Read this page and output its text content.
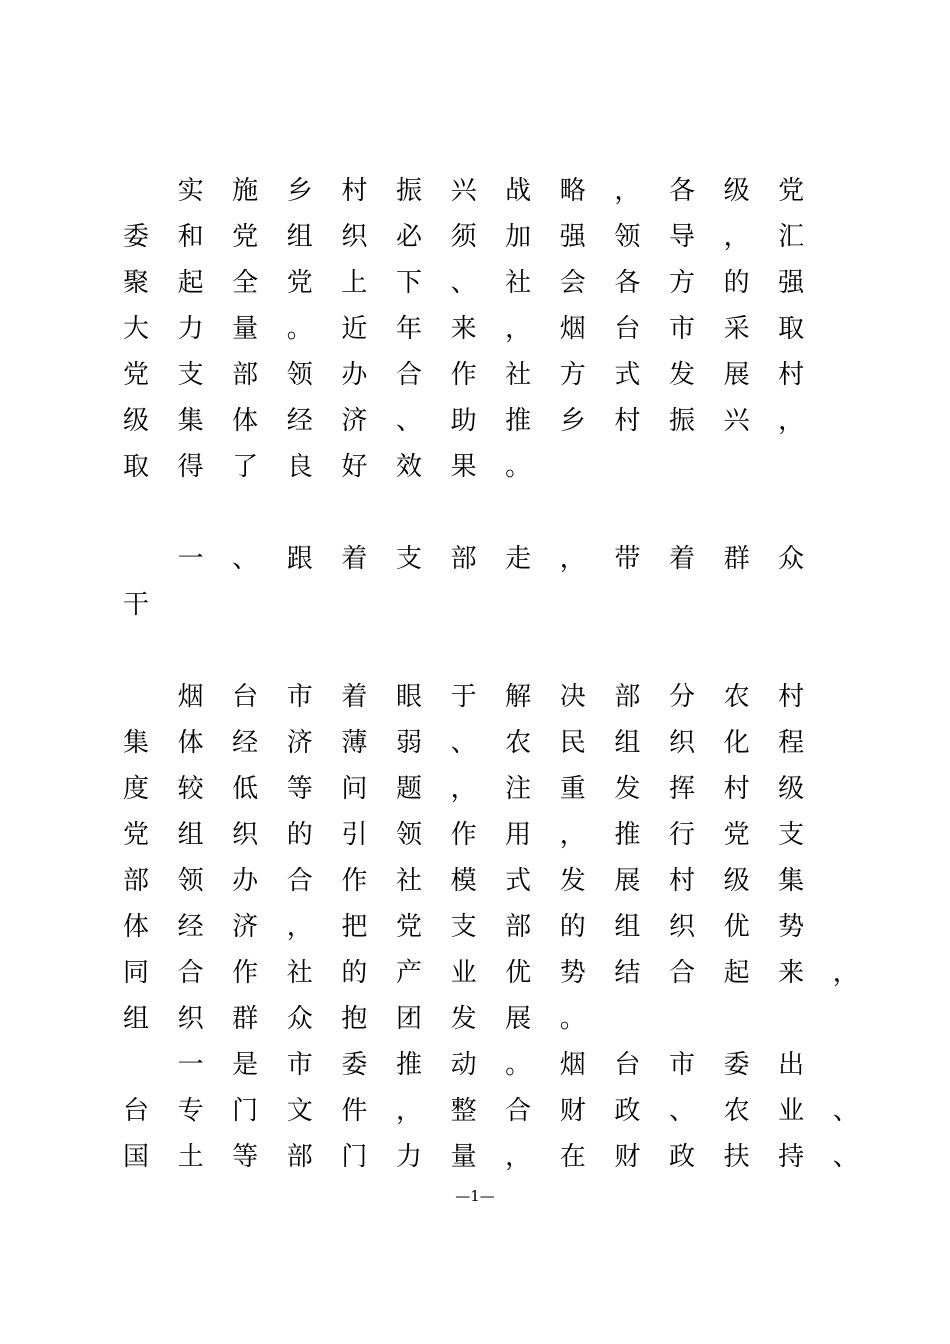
实	施	乡	村	振	兴	战	略	，	各	级	党
委	和	党	组	织	必	须	加	强	领	导	，	汇
聚	起	全	党	上	下	、	社	会	各	方	的	强
大	力	量	。	近	年	来	，	烟	台	市	采	取
党	支	部	领	办	合	作	社	方	式	发	展	村
级	集	体	经	济	、	助	推	乡	村	振	兴	，
取	得	了	良	好	效	果	。
一	、	跟	着	支	部	走	，	带	着	群	众
干
烟	台	市	着	眼	于	解	决	部	分	农	村
集	体	经	济	薄	弱	、	农	民	组	织	化	程
度	较	低	等	问	题	，	注	重	发	挥	村	级
党	组	织	的	引	领	作	用	，	推	行	党	支
部	领	办	合	作	社	模	式	发	展	村	级	集
体	经	济	，	把	党	支	部	的	组	织	优	势
同	合	作	社	的	产	业	优	势	结	合	起	来	，
组	织	群	众	抱	团	发	展	。
一	是	市	委	推	动	。	烟	台	市	委	出
台	专	门	文	件	，	整	合	财	政	、	农	业	、
国	土	等	部	门	力	量	，	在	财	政	扶	持	、
—1—
